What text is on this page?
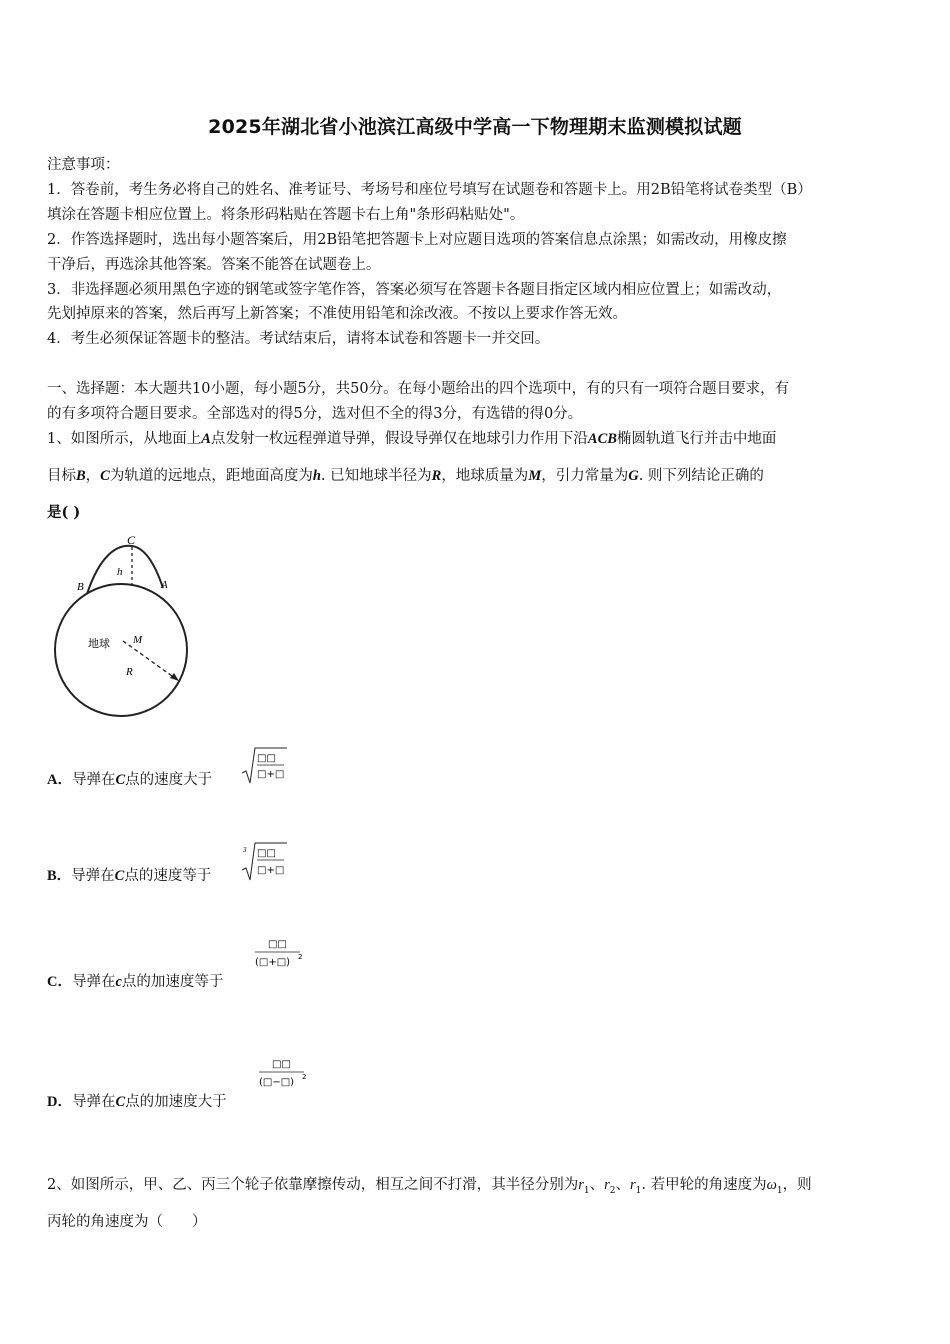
2025年湖北省小池滨江高级中学高一下物理期末监测模拟试题
注意事项：
1．答卷前，考生务必将自己的姓名、准考证号、考场号和座位号填写在试题卷和答题卡上。用2B铅笔将试卷类型（B）
填涂在答题卡相应位置上。将条形码粘贴在答题卡右上角"条形码粘贴处"。
2．作答选择题时，选出每小题答案后，用2B铅笔把答题卡上对应题目选项的答案信息点涂黑；如需改动，用橡皮擦
干净后，再选涂其他答案。答案不能答在试题卷上。
3．非选择题必须用黑色字迹的钢笔或签字笔作答，答案必须写在答题卡各题目指定区域内相应位置上；如需改动，
先划掉原来的答案，然后再写上新答案；不准使用铅笔和涂改液。不按以上要求作答无效。
4．考生必须保证答题卡的整洁。考试结束后，请将本试卷和答题卡一并交回。
一、选择题：本大题共10小题，每小题5分，共50分。在每小题给出的四个选项中，有的只有一项符合题目要求，有
的有多项符合题目要求。全部选对的得5分，选对但不全的得3分，有选错的得0分。
1、如图所示，从地面上A点发射一枚远程弹道导弹，假设导弹仅在地球引力作用下沿ACB椭圆轨道飞行并击中地面
目标B，C为轨道的远地点，距地面高度为h. 已知地球半径为R，地球质量为M，引力常量为G. 则下列结论正确的
是( )
C
h
B	A
地球 M
R
A．导弹在C点的速度大于
□□
□+□
B．导弹在C点的速度等于
3 □□
□+□
C．导弹在c点的加速度等于
□□
(□+□) 2
D．导弹在C点的加速度大于
□□
(□−□) 2
2、如图所示，甲、乙、丙三个轮子依靠摩擦传动，相互之间不打滑，其半径分别为$r_1$、$r_2$、$r_1$. 若甲轮的角速度为$\omega_1$，则
丙轮的角速度为（　　）
